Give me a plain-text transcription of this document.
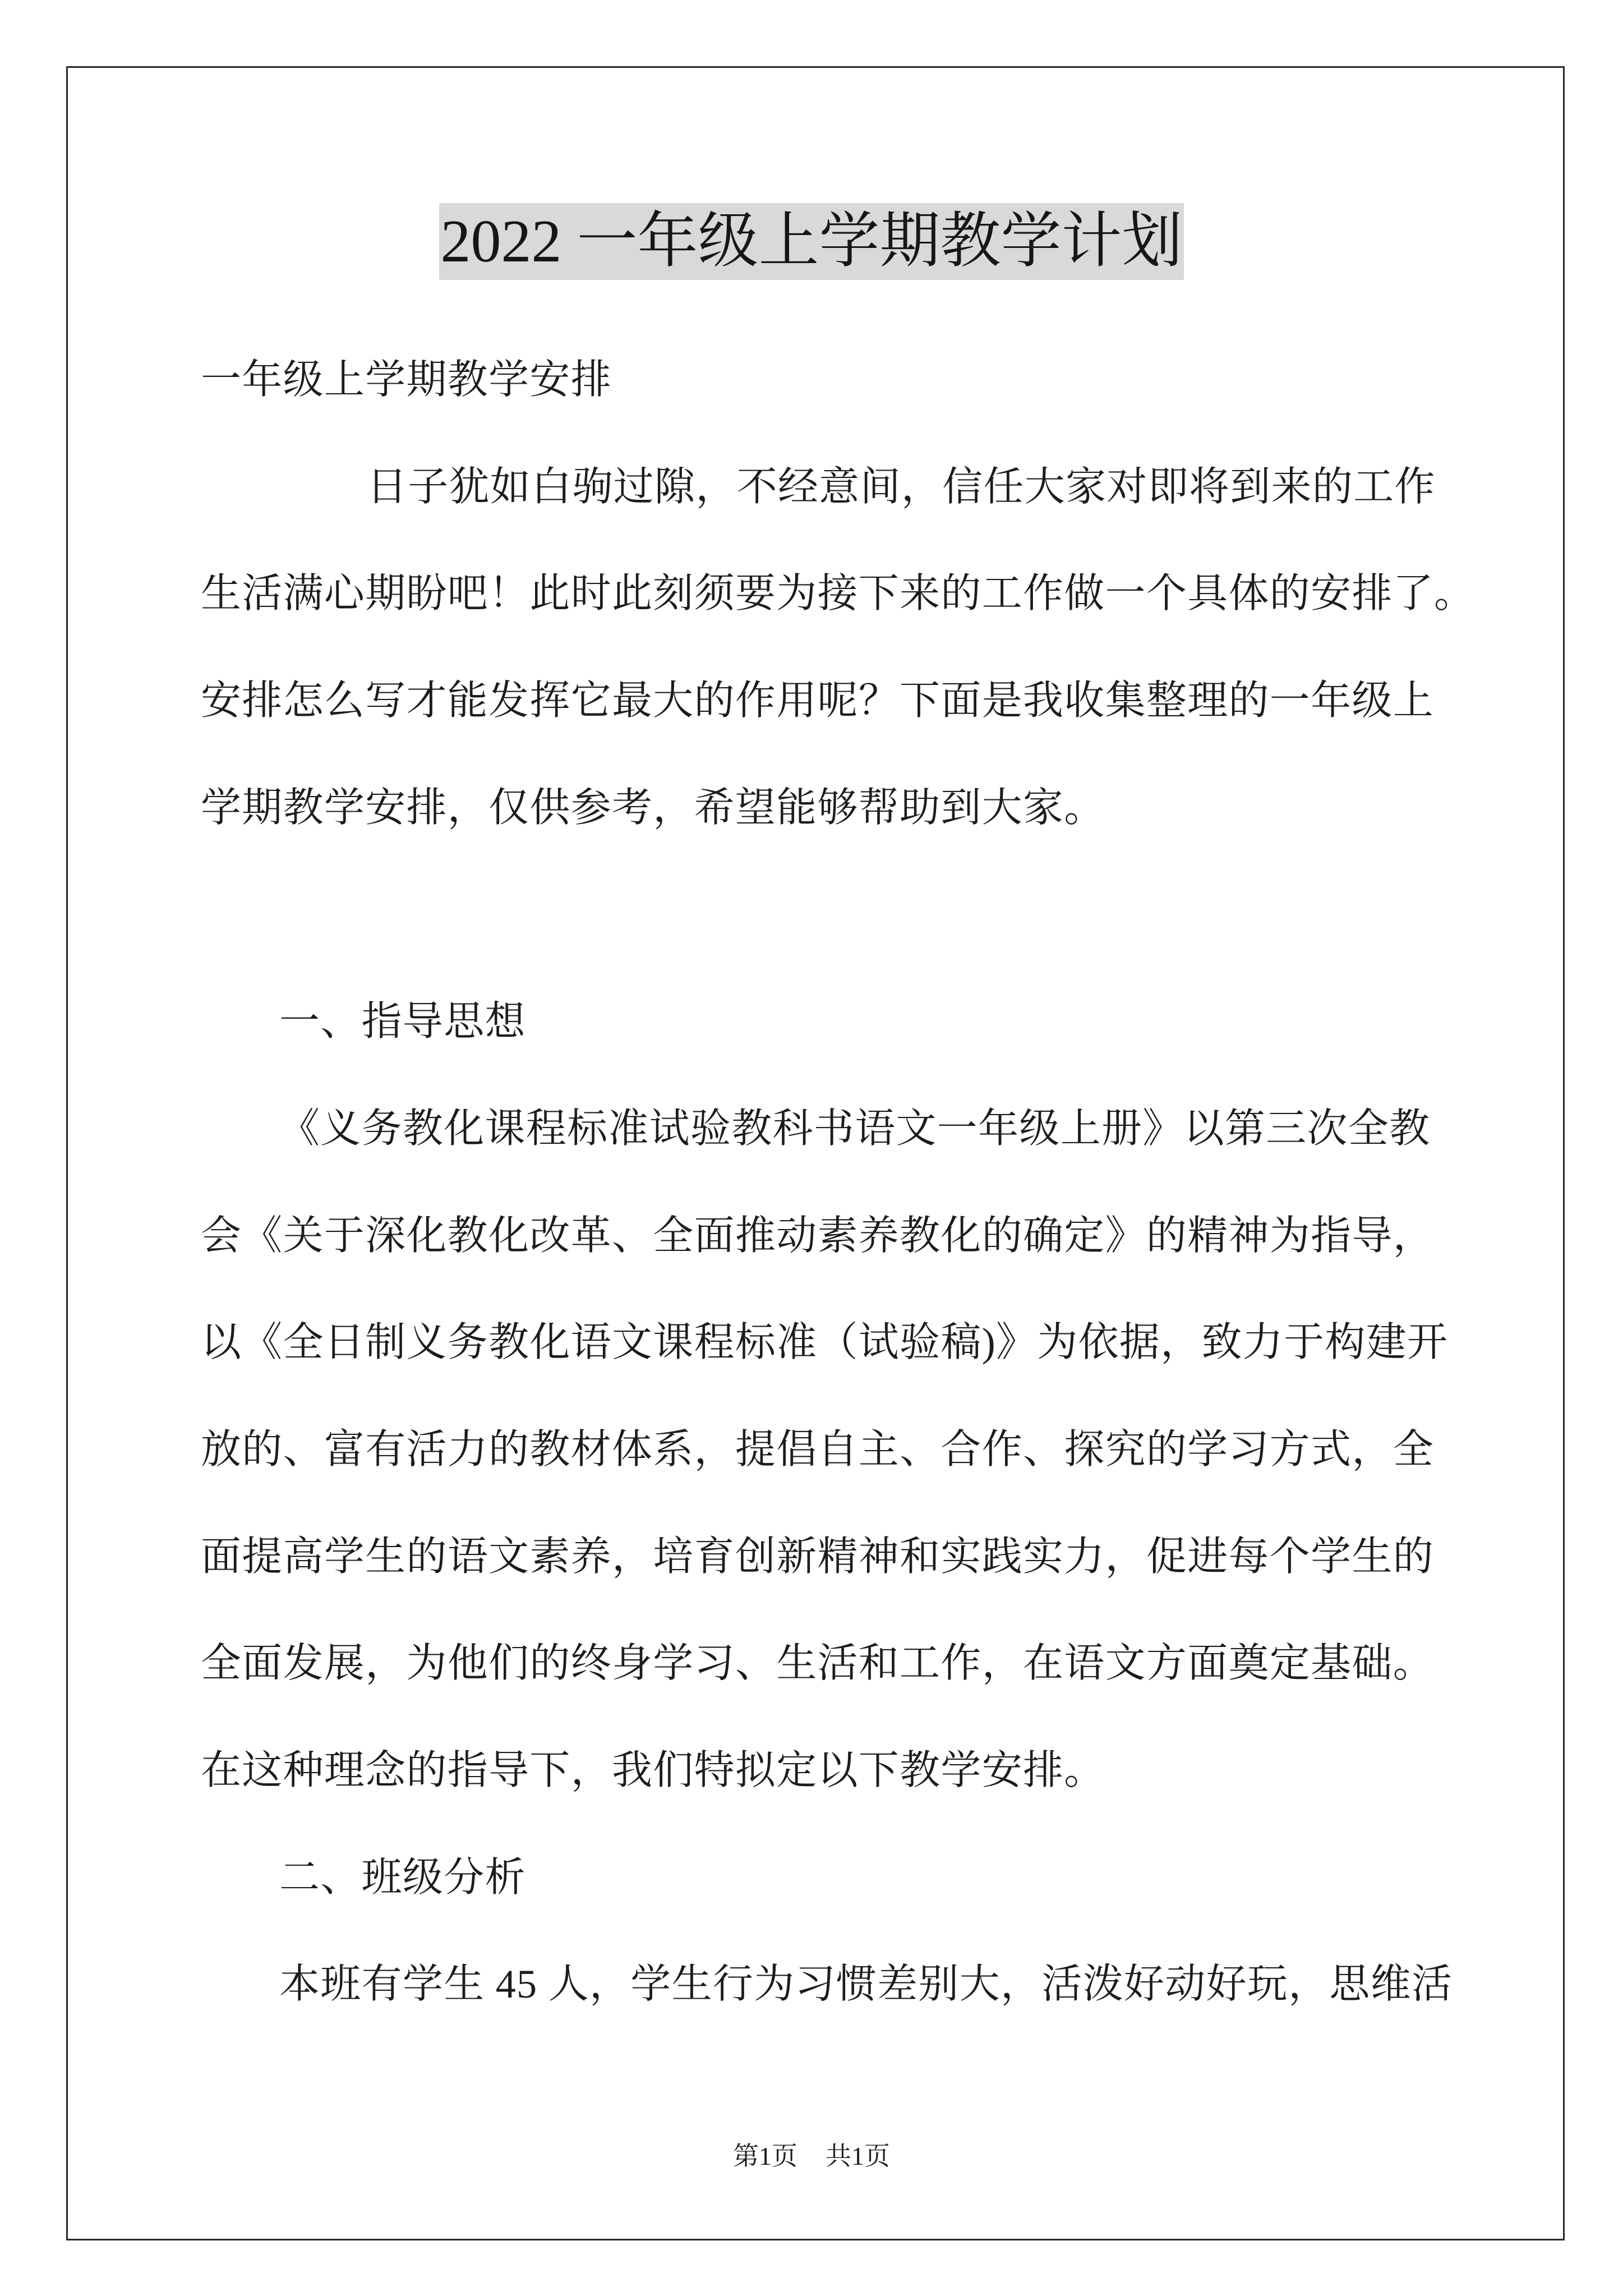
2022 一年级上学期教学计划
一年级上学期教学安排
日子犹如白驹过隙，不经意间，信任大家对即将到来的工作
生活满心期盼吧！此时此刻须要为接下来的工作做一个具体的安排了。
安排怎么写才能发挥它最大的作用呢？下面是我收集整理的一年级上
学期教学安排，仅供参考，希望能够帮助到大家。
一、指导思想
《义务教化课程标准试验教科书语文一年级上册》以第三次全教
会《关于深化教化改革、全面推动素养教化的确定》的精神为指导，
以《全日制义务教化语文课程标准（试验稿)》为依据，致力于构建开
放的、富有活力的教材体系，提倡自主、合作、探究的学习方式，全
面提高学生的语文素养，培育创新精神和实践实力，促进每个学生的
全面发展，为他们的终身学习、生活和工作，在语文方面奠定基础。
在这种理念的指导下，我们特拟定以下教学安排。
二、班级分析
本班有学生 45 人，学生行为习惯差别大，活泼好动好玩，思维活
第1页 共1页
